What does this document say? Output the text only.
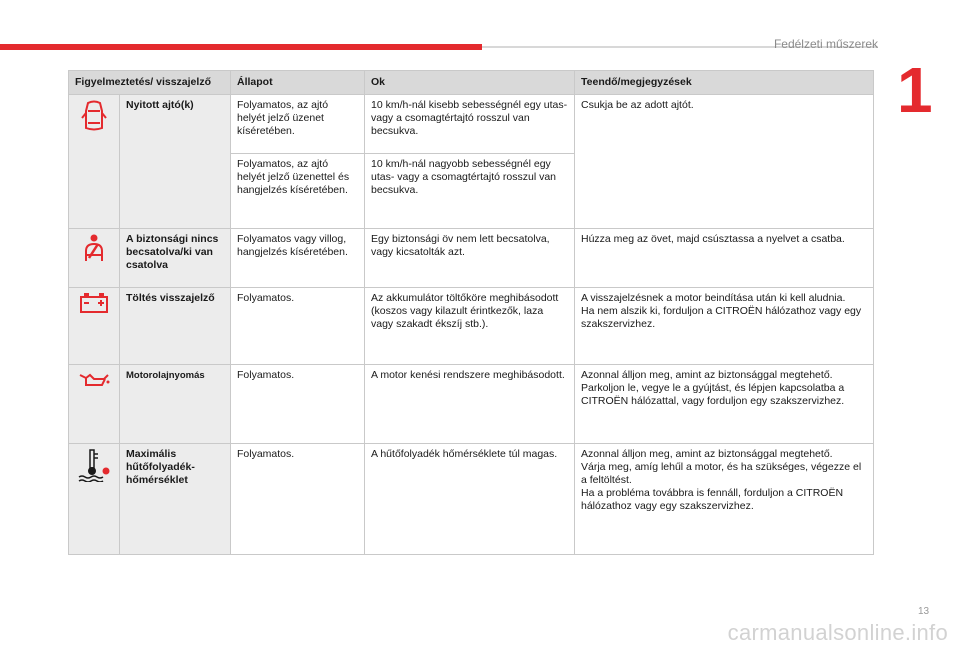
Fedélzeti műszerek
1
Figyelmeztetés/ visszajelző		Állapot	Ok	Teendő/megjegyzések

	Nyitott ajtó(k)	Folyamatos, az ajtó helyét jelző üzenet kíséretében.	10 km/h-nál kisebb sebességnél egy utas- vagy a csomagtértajtó rosszul van becsukva.	Csukja be az adott ajtót.
		Folyamatos, az ajtó helyét jelző üzenettel és hangjelzés kíséretében.	10 km/h-nál nagyobb sebességnél egy utas- vagy a csomagtértajtó rosszul van becsukva.	

	A biztonsági nincs becsatolva/ki van csatolva	Folyamatos vagy villog, hangjelzés kíséretében.	Egy biztonsági öv nem lett becsatolva, vagy kicsatolták azt.	Húzza meg az övet, majd csúsztassa a nyelvet a csatba.

	Töltés visszajelző	Folyamatos.	Az akkumulátor töltőköre meghibásodott (koszos vagy kilazult érintkezők, laza vagy szakadt ékszíj stb.).	A visszajelzésnek a motor beindítása után ki kell aludnia.
Ha nem alszik ki, forduljon a CITROËN hálózathoz vagy egy szakszervizhez.

	Motorolajnyomás	Folyamatos.	A motor kenési rendszere meghibásodott.	Azonnal álljon meg, amint az biztonsággal megtehető.
Parkoljon le, vegye le a gyújtást, és lépjen kapcsolatba a CITROËN hálózattal, vagy forduljon egy szakszervizhez.

	Maximális hűtőfolyadék-hőmérséklet	Folyamatos.	A hűtőfolyadék hőmérséklete túl magas.	Azonnal álljon meg, amint az biztonsággal megtehető.
Várja meg, amíg lehűl a motor, és ha szükséges, végezze el a feltöltést.
Ha a probléma továbbra is fennáll, forduljon a CITROËN hálózathoz vagy egy szakszervizhez.
13
carmanualsonline.info
